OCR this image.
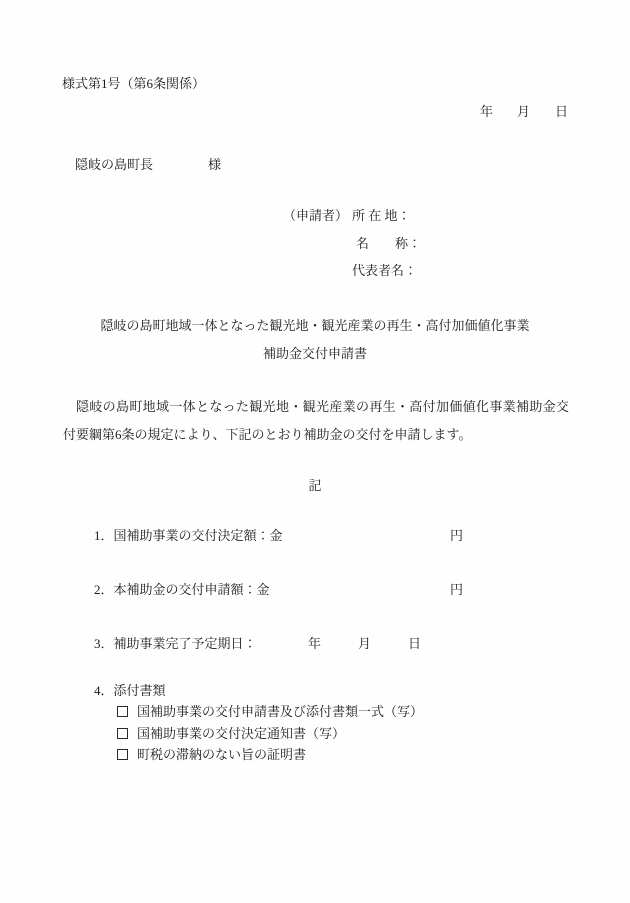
様式第1号（第6条関係）

年

月

日

隠岐の島町長

	様

（申請者）

所 在 地：

名　　称：

代表者名：

隠岐の島町地域一体となった観光地・観光産業の再生・高付加価値化事業
補助金交付申請書
隠岐の島町地域一体となった観光地・観光産業の再生・高付加価値化事業補助金交付要綱第6条の規定により、下記のとおり補助金の交付を申請します。
記

1．国補助事業の交付決定額：金

	円

2．本補助金の交付申請額：金

	円

3．補助事業完了予定期日：

	年

	月

	日

4．添付書類

国補助事業の交付申請書及び添付書類一式（写）

国補助事業の交付決定通知書（写）

町税の滞納のない旨の証明書
